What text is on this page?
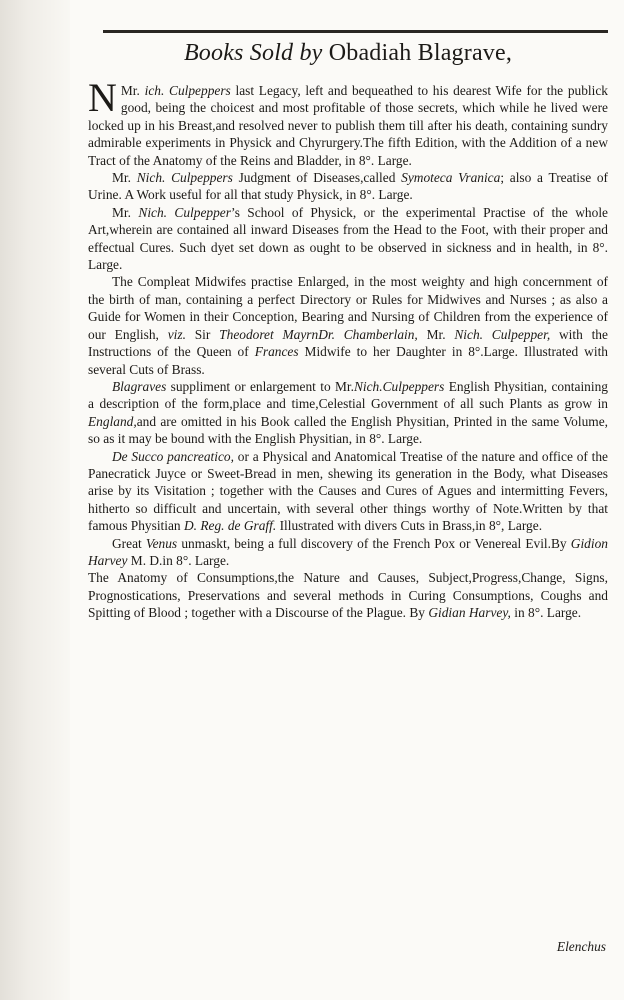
Books Sold by Obadiah Blagrave,

Mr.
N ich. Culpeppers last Legacy, left and bequeathed to his dearest Wife for the publick good, being the choicest and most profitable of those secrets, which while he lived were locked up in his Breast,and resolved never to publish them till after his death, containing sundry admirable experiments in Physick and Chyrurgery.The fifth Edition, with the Addition of a new Tract of the Anatomy of the Reins and Bladder, in 8°. Large.

Mr. Nich. Culpeppers Judgment of Diseases,called Symoteca Vranica; also a Treatise of Urine. A Work useful for all that study Physick, in 8°. Large.

Mr. Nich. Culpepper’s School of Physick, or the experimental Practise of the whole Art,wherein are contained all inward Diseases from the Head to the Foot, with their proper and effectual Cures. Such dyet set down as ought to be observed in sickness and in health, in 8°. Large.

The Compleat Midwifes practise Enlarged, in the most weighty and high concernment of the birth of man, containing a perfect Directory or Rules for Midwives and Nurses ; as also a Guide for Women in their Conception, Bearing and Nursing of Children from the experience of our English, viz. Sir Theodoret MayrnDr. Chamberlain, Mr. Nich. Culpepper, with the Instructions of the Queen of Frances Midwife to her Daughter in 8°.Large. Illustrated with several Cuts of Brass.

Blagraves suppliment or enlargement to Mr.Nich.Culpeppers English Physitian, containing a description of the form,place and time,Celestial Government of all such Plants as grow in England,and are omitted in his Book called the English Physitian, Printed in the same Volume, so as it may be bound with the English Physitian, in 8°. Large.

De Succo pancreatico, or a Physical and Anatomical Treatise of the nature and office of the Panecratick Juyce or Sweet-Bread in men, shewing its generation in the Body, what Diseases arise by its Visitation ; together with the Causes and Cures of Agues and intermitting Fevers, hitherto so difficult and uncertain, with several other things worthy of Note.Written by that famous Physitian D. Reg. de Graff. Illustrated with divers Cuts in Brass,in 8°, Large.

Great Venus unmaskt, being a full discovery of the French Pox or Venereal Evil.By Gidion Harvey M. D.in 8°. Large.

The Anatomy of Consumptions,the Nature and Causes, Subject,Progress,Change, Signs, Prognostications, Preservations and several methods in Curing Consumptions, Coughs and Spitting of Blood ; together with a Discourse of the Plague. By Gidian Harvey, in 8°. Large.

Elenchus
